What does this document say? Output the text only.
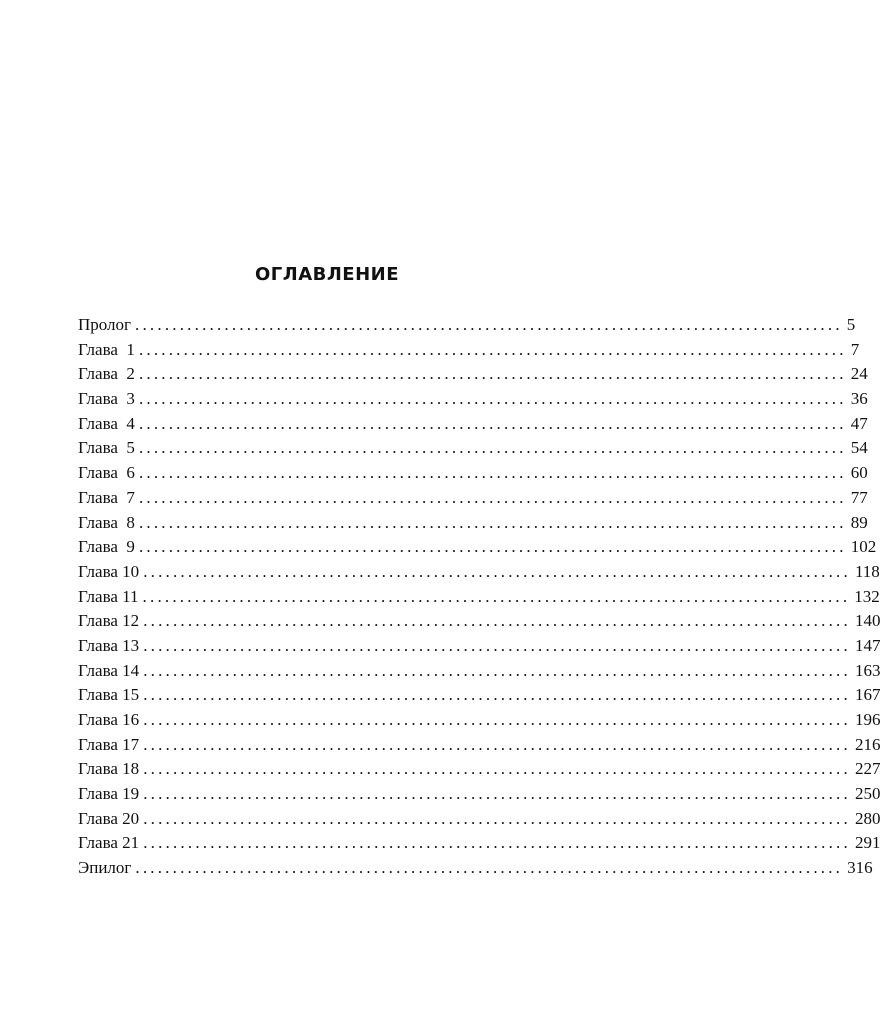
ОГЛАВЛЕНИЕ
Пролог ............................................................................................... 5
Глава  1 ............................................................................................... 7
Глава  2 ............................................................................................... 24
Глава  3 ............................................................................................... 36
Глава  4 ............................................................................................... 47
Глава  5 ............................................................................................... 54
Глава  6 ............................................................................................... 60
Глава  7 ............................................................................................... 77
Глава  8 ............................................................................................... 89
Глава  9 ............................................................................................... 102
Глава 10 ............................................................................................... 118
Глава 11 ............................................................................................... 132
Глава 12 ............................................................................................... 140
Глава 13 ............................................................................................... 147
Глава 14 ............................................................................................... 163
Глава 15 ............................................................................................... 167
Глава 16 ............................................................................................... 196
Глава 17 ............................................................................................... 216
Глава 18 ............................................................................................... 227
Глава 19 ............................................................................................... 250
Глава 20 ............................................................................................... 280
Глава 21 ............................................................................................... 291
Эпилог ............................................................................................... 316
